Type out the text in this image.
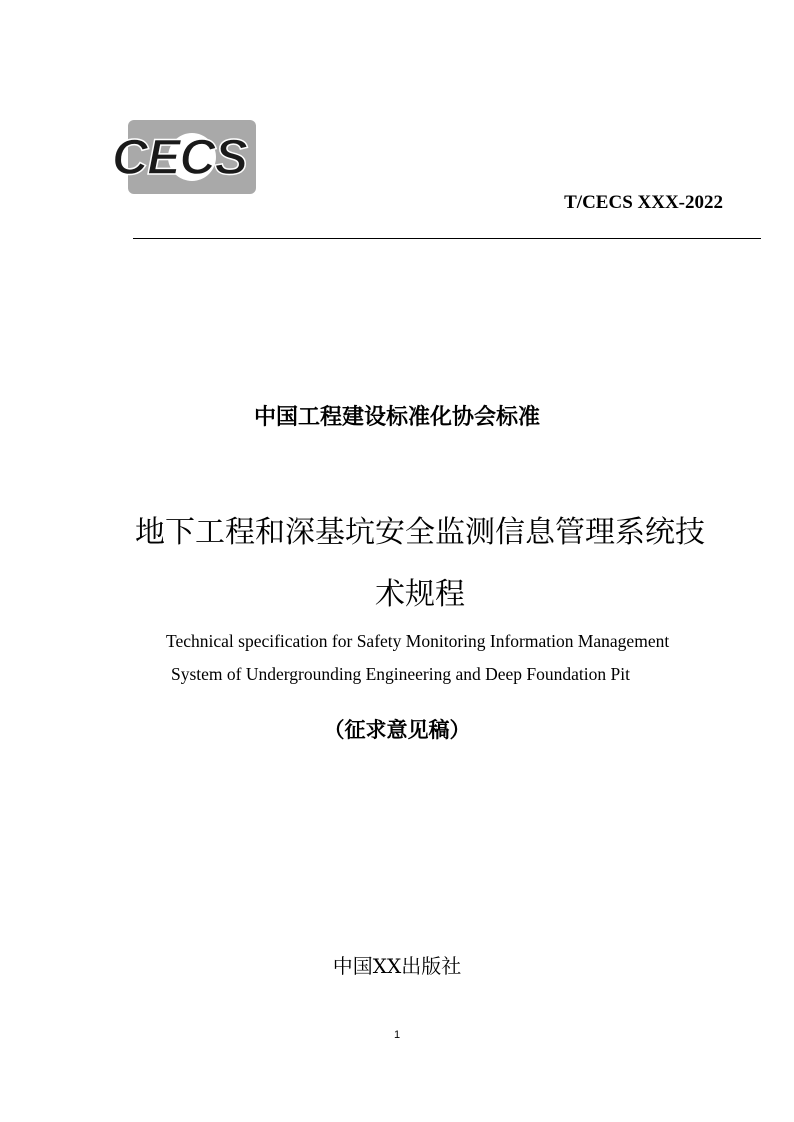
CECS
T/CECS XXX-2022
中国工程建设标准化协会标准
地下工程和深基坑安全监测信息管理系统技
术规程
Technical specification for Safety Monitoring Information Management
System of Undergrounding Engineering and Deep Foundation Pit
（征求意见稿）
中国XX出版社
1
